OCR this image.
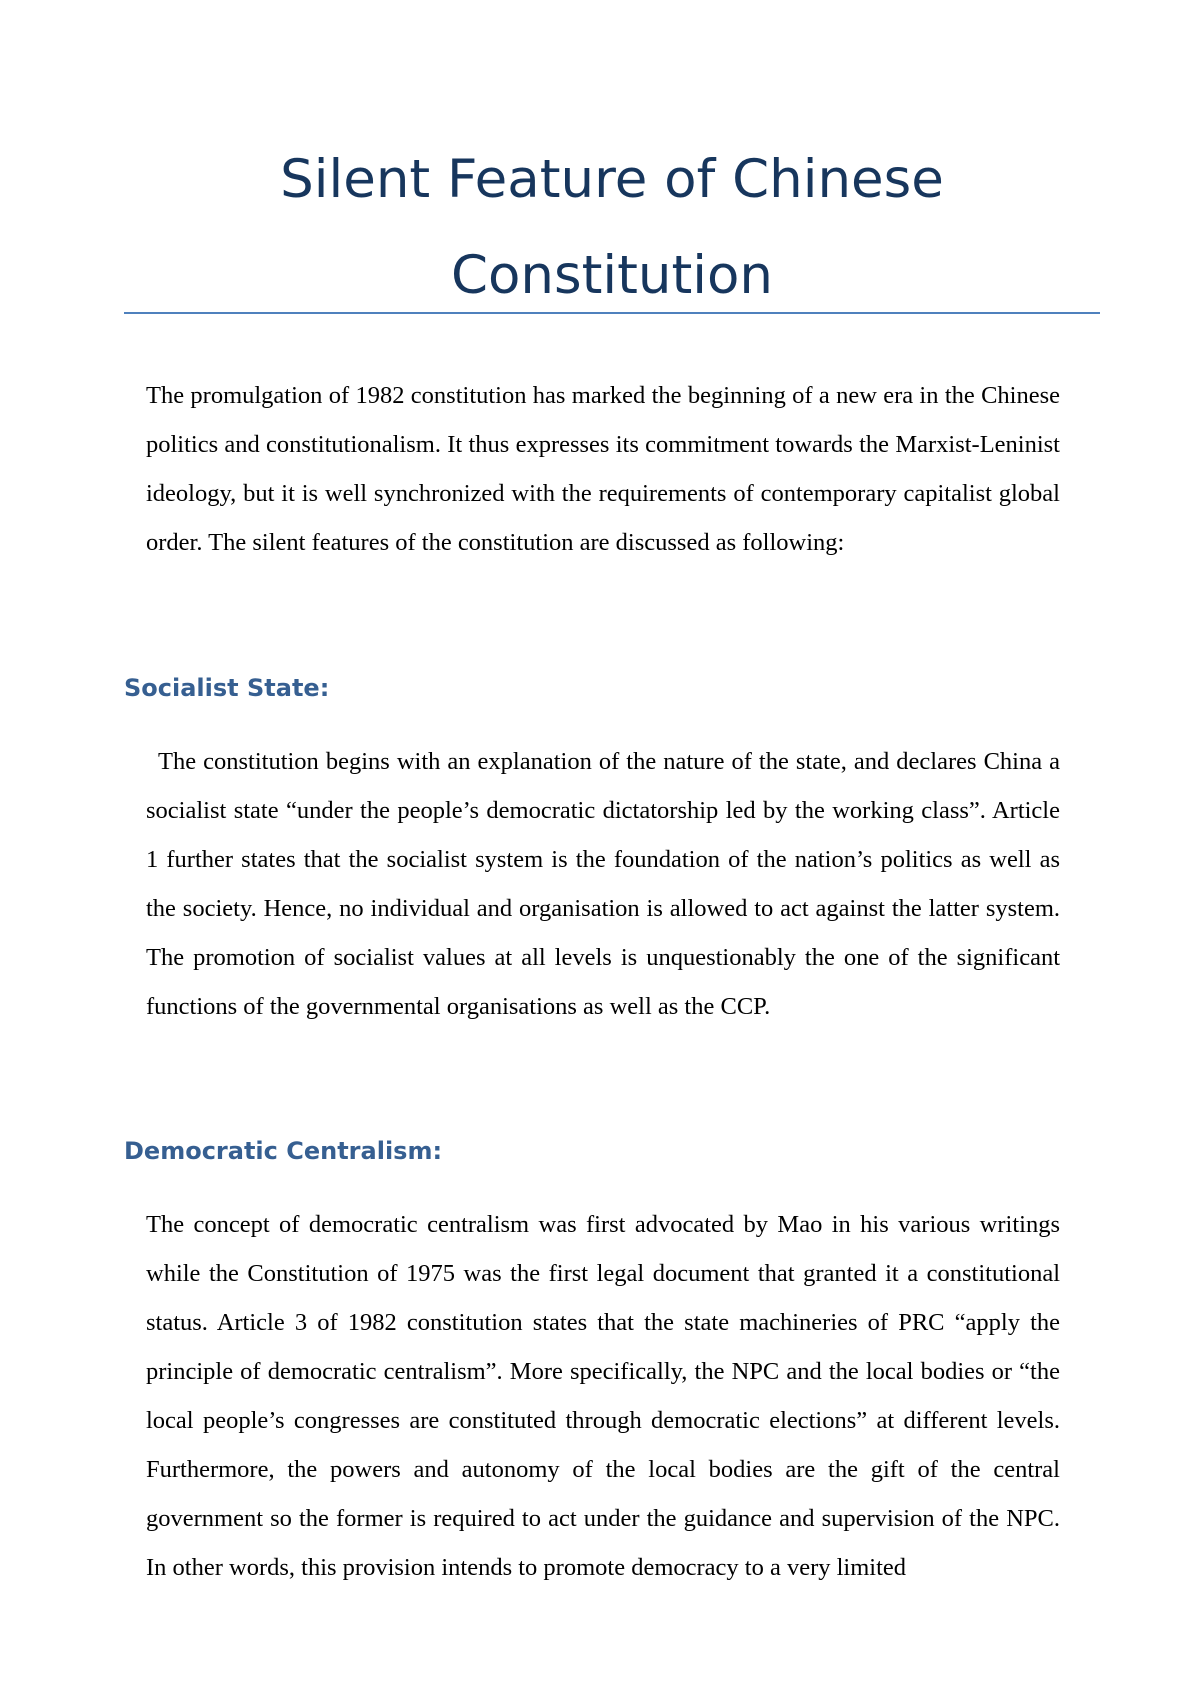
Silent Feature of Chinese Constitution

The promulgation of 1982 constitution has marked the beginning of a new era in the Chinese politics and constitutionalism. It thus expresses its commitment towards the Marxist-Leninist ideology, but it is well synchronized with the requirements of contemporary capitalist global order. The silent features of the constitution are discussed as following:

Socialist State:

The constitution begins with an explanation of the nature of the state, and declares China a socialist state “under the people’s democratic dictatorship led by the working class”. Article 1 further states that the socialist system is the foundation of the nation’s politics as well as the society. Hence, no individual and organisation is allowed to act against the latter system. The promotion of socialist values at all levels is unquestionably the one of the significant functions of the governmental organisations as well as the CCP.

Democratic Centralism:

The concept of democratic centralism was first advocated by Mao in his various writings while the Constitution of 1975 was the first legal document that granted it a constitutional status. Article 3 of 1982 constitution states that the state machineries of PRC “apply the principle of democratic centralism”. More specifically, the NPC and the local bodies or “the local people’s congresses are constituted through democratic elections” at different levels. Furthermore, the powers and autonomy of the local bodies are the gift of the central government so the former is required to act under the guidance and supervision of the NPC. In other words, this provision intends to promote democracy to a very limited
